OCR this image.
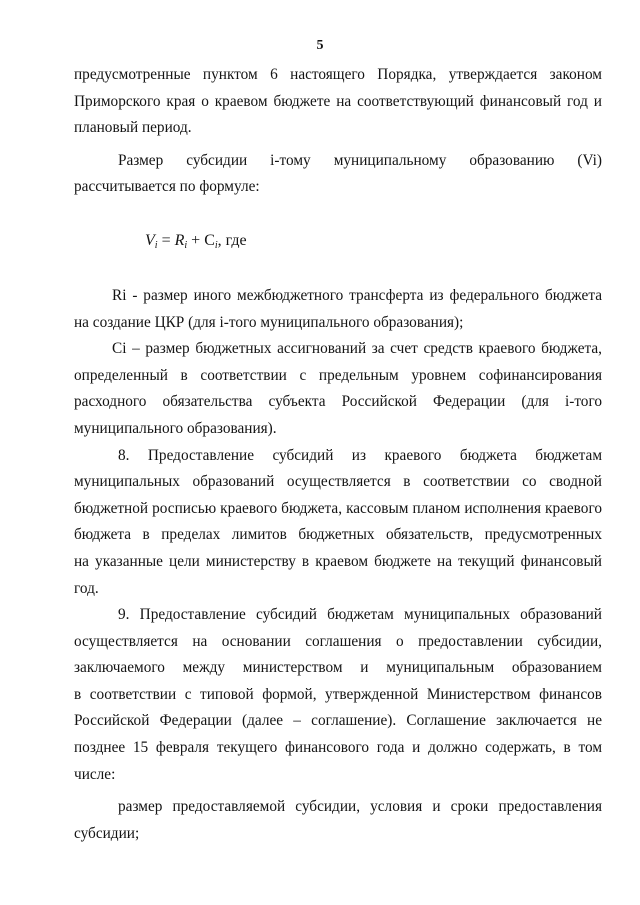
5

предусмотренные пунктом 6 настоящего Порядка, утверждается законом
Приморского края о краевом бюджете на соответствующий финансовый год и
плановый период.

Размер субсидии i-тому муниципальному образованию (Vi)
рассчитывается по формуле:

$V_i = R_i + C_i$, где

Ri - размер иного межбюджетного трансферта из федерального бюджета
на создание ЦКР (для i-того муниципального образования);

Ci – размер бюджетных ассигнований за счет средств краевого бюджета,
определенный в соответствии с предельным уровнем софинансирования
расходного обязательства субъекта Российской Федерации (для i-того
муниципального образования).

8. Предоставление субсидий из краевого бюджета бюджетам
муниципальных образований осуществляется в соответствии со сводной
бюджетной росписью краевого бюджета, кассовым планом исполнения краевого
бюджета в пределах лимитов бюджетных обязательств, предусмотренных
на указанные цели министерству в краевом бюджете на текущий финансовый
год.

9. Предоставление субсидий бюджетам муниципальных образований
осуществляется на основании соглашения о предоставлении субсидии,
заключаемого между министерством и муниципальным образованием
в соответствии с типовой формой, утвержденной Министерством финансов
Российской Федерации (далее – соглашение). Соглашение заключается не
позднее 15 февраля текущего финансового года и должно содержать, в том
числе:

размер предоставляемой субсидии, условия и сроки предоставления
субсидии;
